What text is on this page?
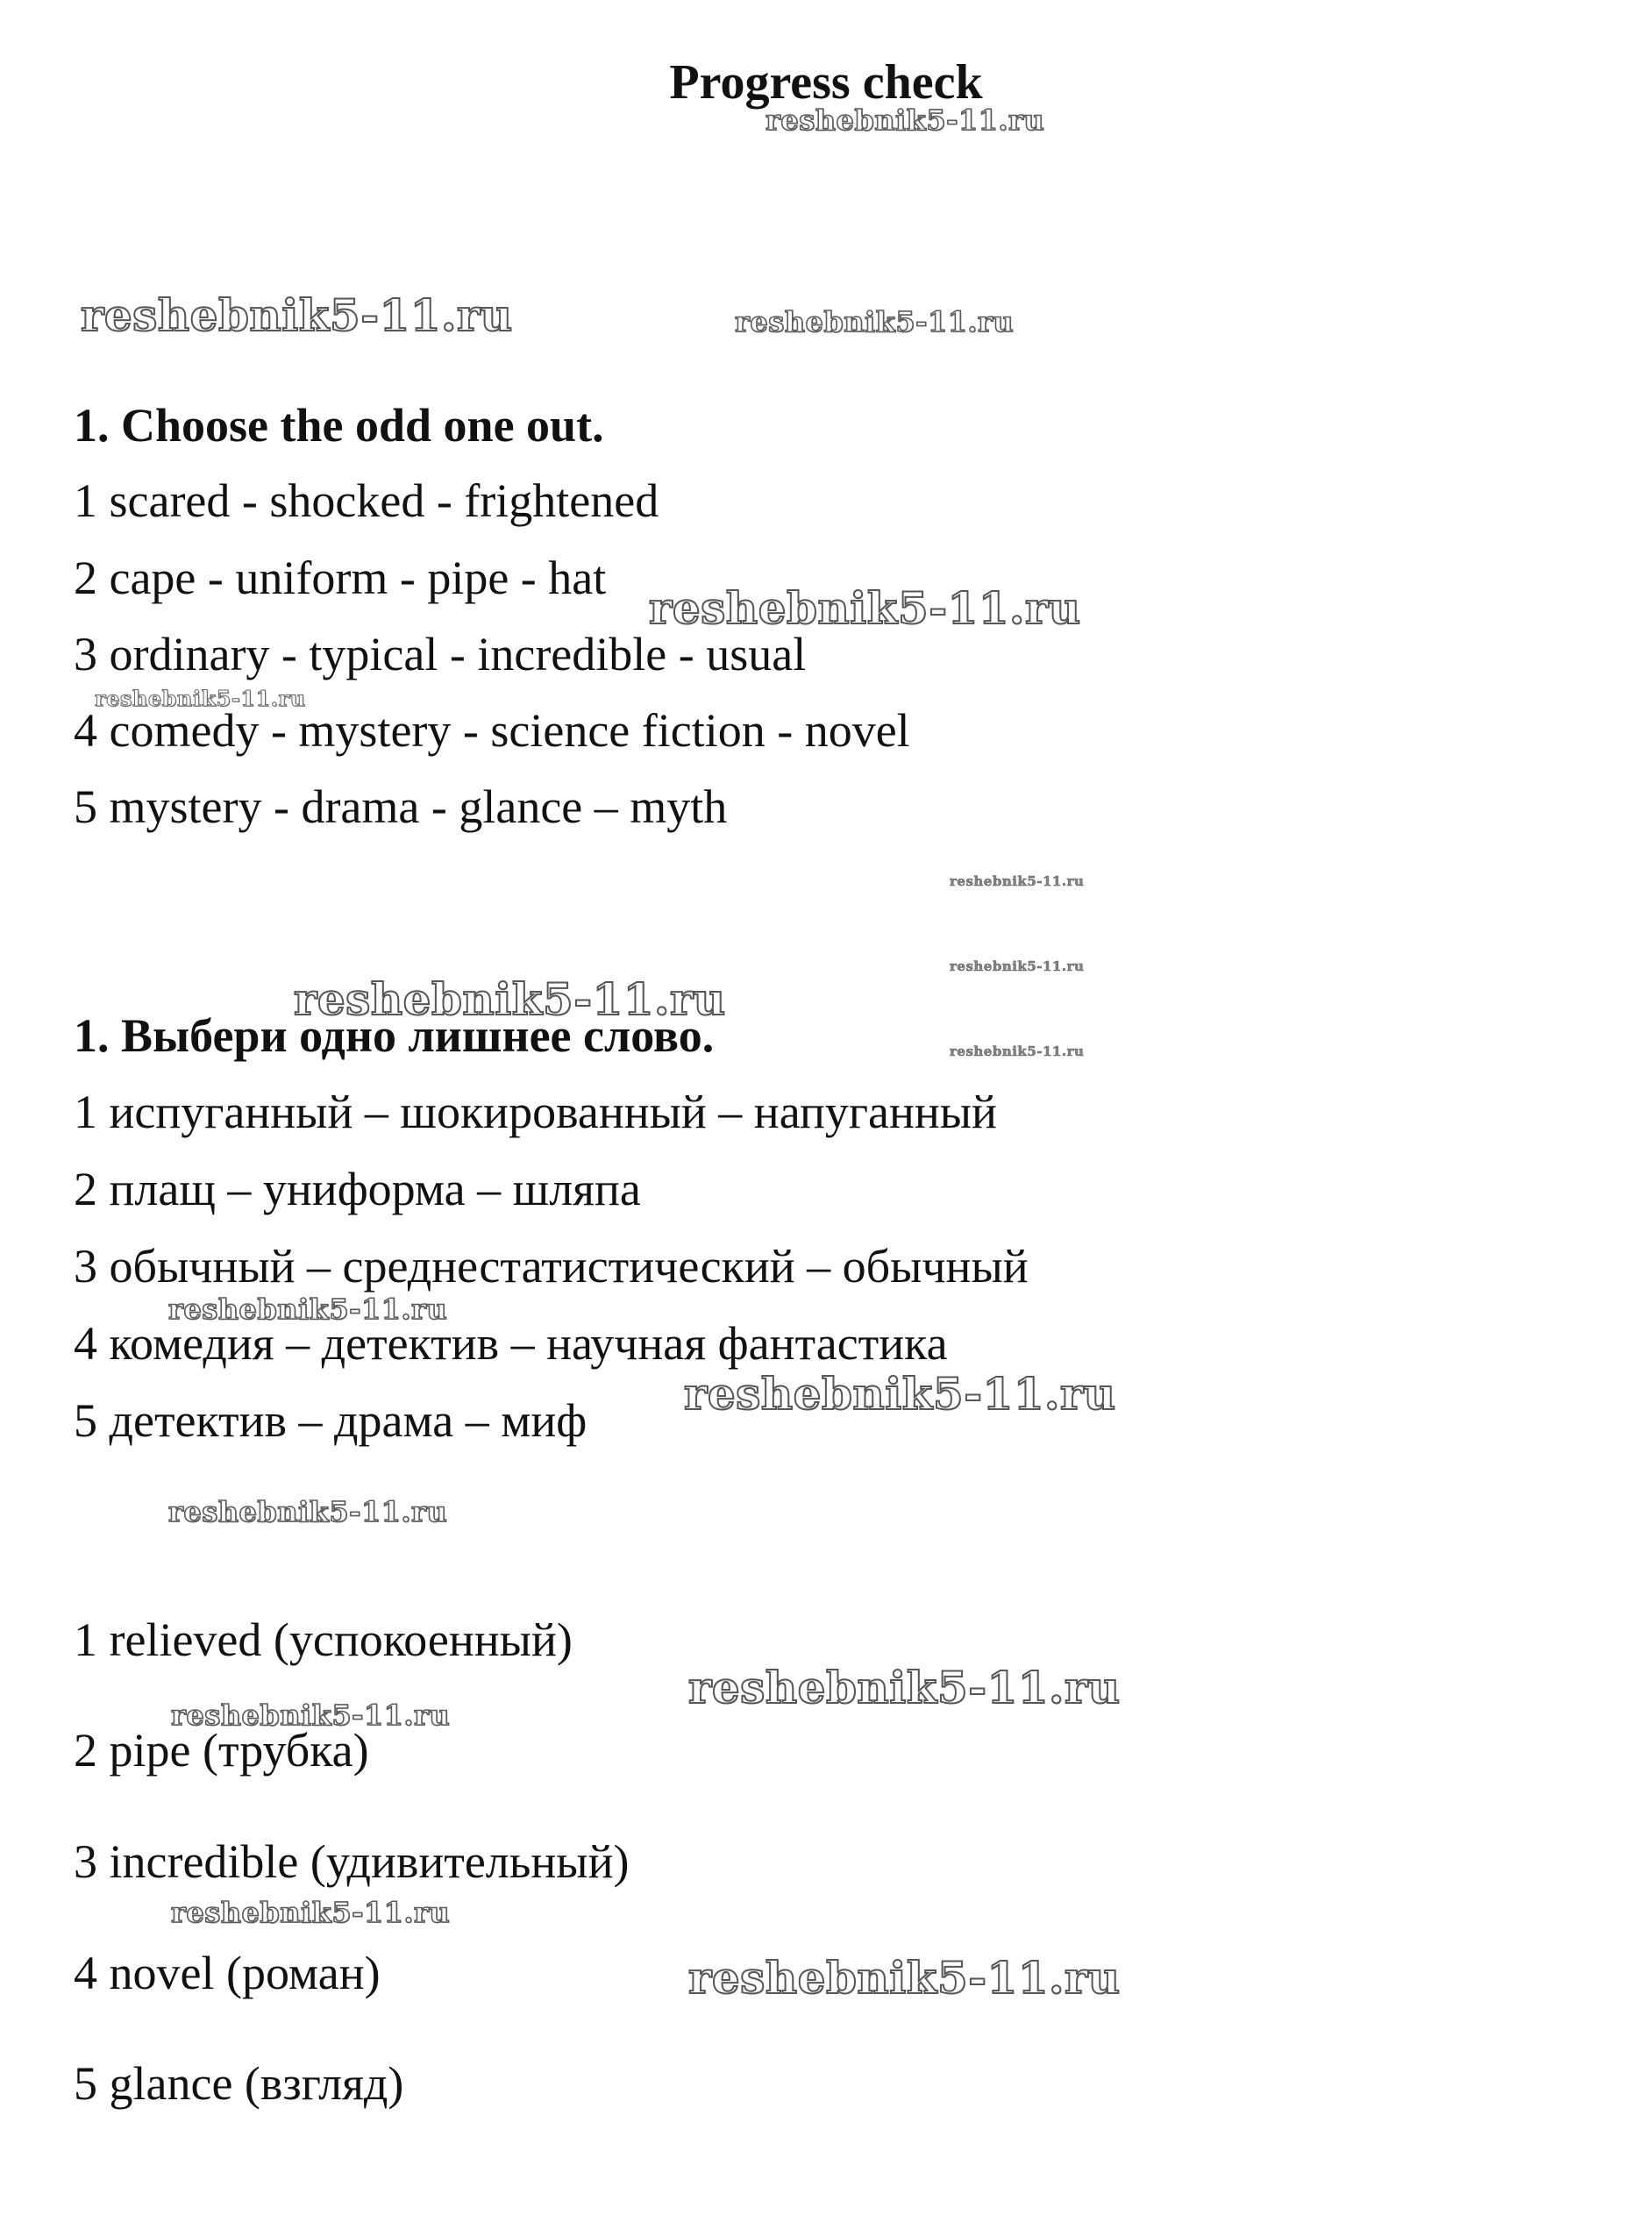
Progress check
1. Choose the odd one out.
1 scared - shocked - frightened
2 cape - uniform - pipe - hat
3 ordinary - typical - incredible - usual
4 comedy - mystery - science fiction - novel
5 mystery - drama - glance – myth
1. Выбери одно лишнее слово.
1 испуганный – шокированный – напуганный
2 плащ – униформа – шляпа
3 обычный – среднестатистический – обычный
4 комедия – детектив – научная фантастика
5 детектив – драма – миф
1 relieved (успокоенный)
2 pipe (трубка)
3 incredible (удивительный)
4 novel (роман)
5 glance (взгляд)
reshebnik5-11.ru
reshebnik5-11.ru	reshebnik5-11.ru
reshebnik5-11.ru
reshebnik5-11.ru
reshebnik5-11.ru
reshebnik5-11.ru
reshebnik5-11.ru
reshebnik5-11.ru
reshebnik5-11.ru
reshebnik5-11.ru
reshebnik5-11.ru
reshebnik5-11.ru
reshebnik5-11.ru
reshebnik5-11.ru
reshebnik5-11.ru
